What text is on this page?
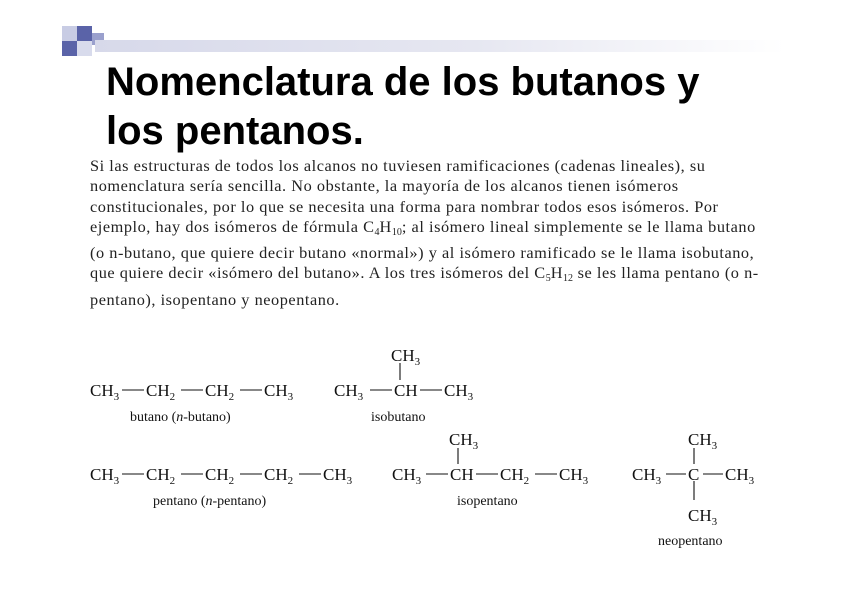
Nomenclatura de los butanos y
los pentanos.
Si las estructuras de todos los alcanos no tuviesen ramificaciones (cadenas lineales), su nomenclatura sería sencilla. No obstante, la mayoría de los alcanos tienen isómeros constitucionales, por lo que se necesita una forma para nombrar todos esos isómeros. Por ejemplo, hay dos isómeros de fórmula $C_4H_{10}$; al isómero lineal simplemente se le llama butano (o n-butano, que quiere decir butano «normal») y al isómero ramificado se le llama isobutano, que quiere decir «isómero del butano». A los tres isómeros del $C_5H_{12}$ se les llama pentano (o n-pentano), isopentano y neopentano.
$CH_3$ $CH_2$ $CH_2$ $CH_3$
$CH_3$
$CH_3$ CH $CH_3$
$CH_3$ $CH_2$ $CH_2$ $CH_2$ $CH_3$
$CH_3$
$CH_3$ CH $CH_2$ $CH_3$
$CH_3$
$CH_3$ C $CH_3$
$CH_3$
butano (n-butano)	isobutano
pentano (n-pentano)	isopentano
neopentano
